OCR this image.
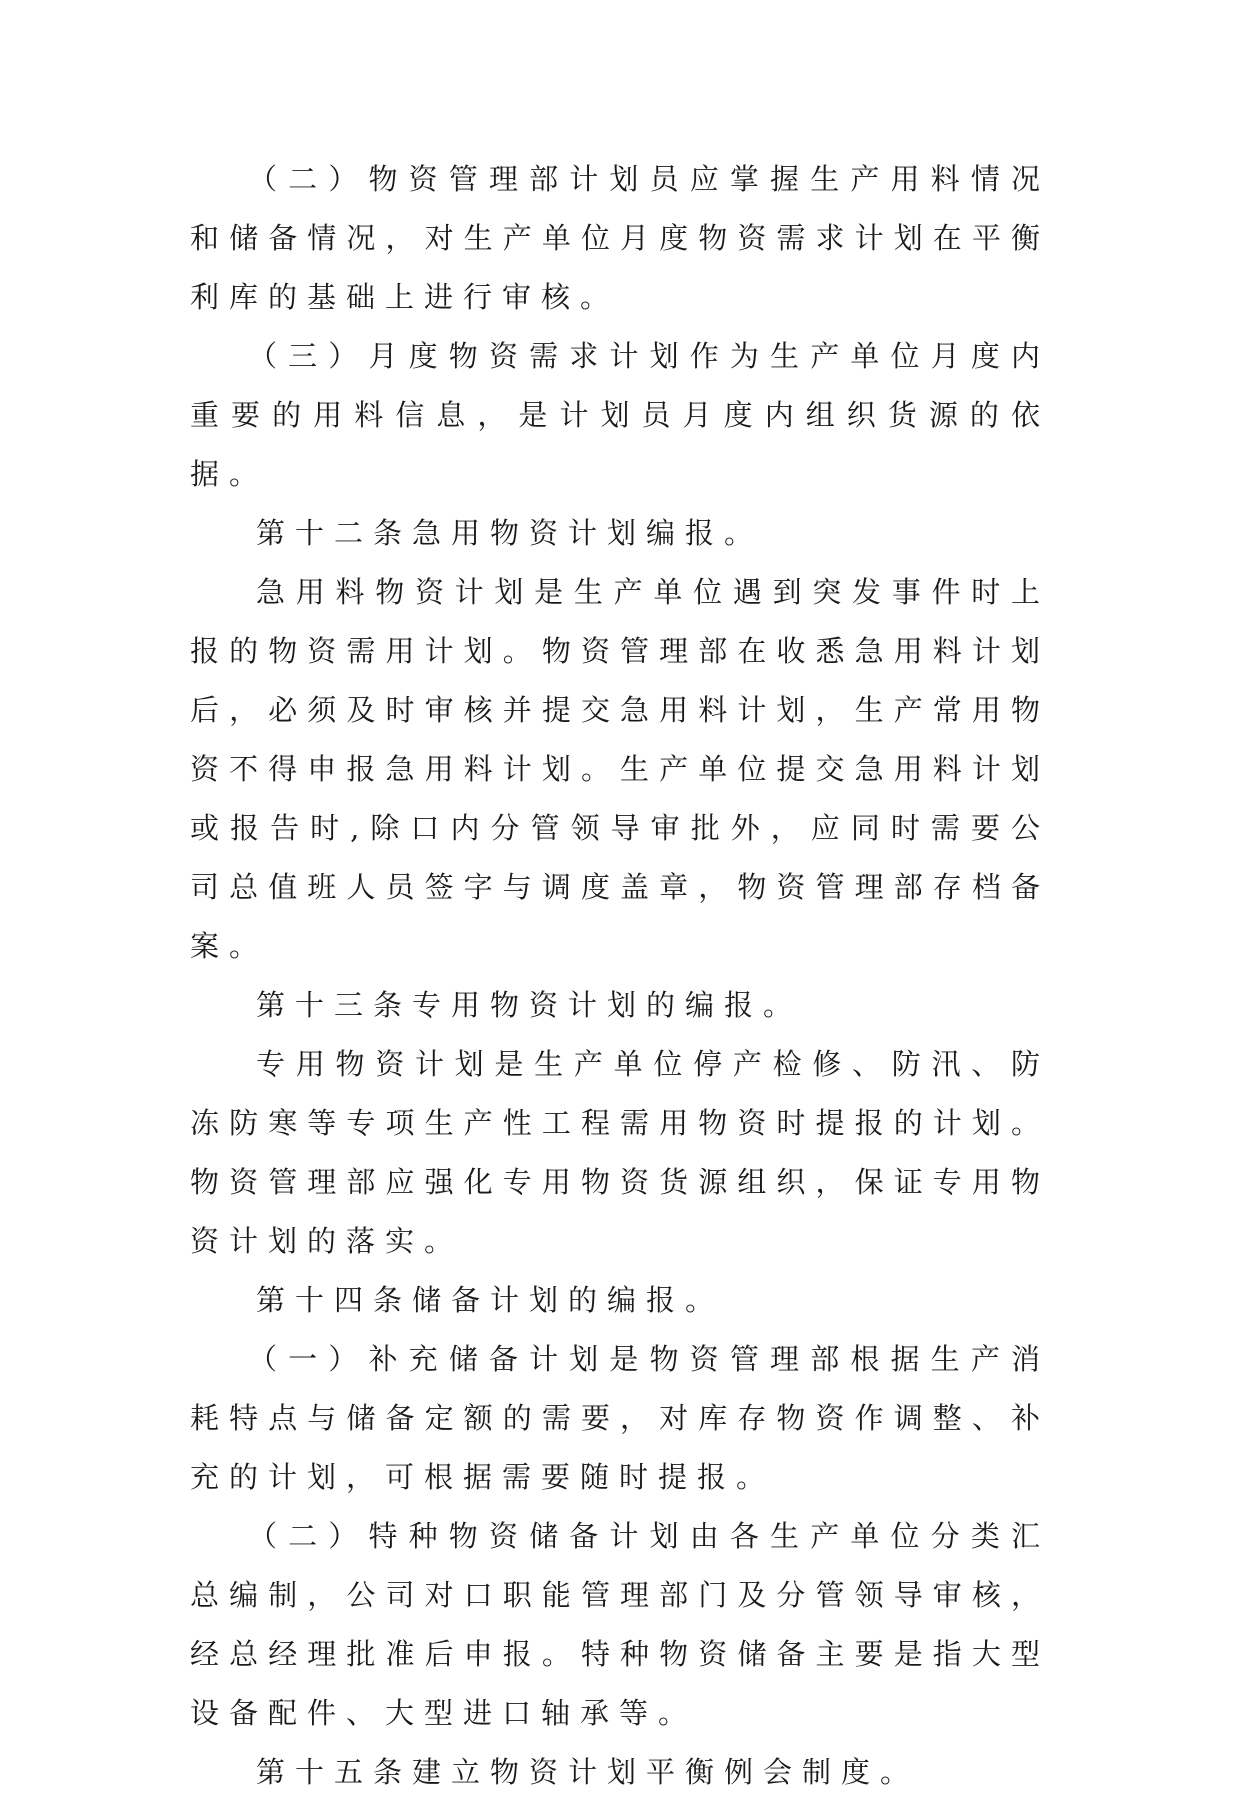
（二）物资管理部计划员应掌握生产用料情况和储备情况，对生产单位月度物资需求计划在平衡利库的基础上进行审核。

（三）月度物资需求计划作为生产单位月度内重要的用料信息，是计划员月度内组织货源的依据。

第十二条急用物资计划编报。

急用料物资计划是生产单位遇到突发事件时上报的物资需用计划。物资管理部在收悉急用料计划后，必须及时审核并提交急用料计划，生产常用物资不得申报急用料计划。生产单位提交急用料计划或报告时,除口内分管领导审批外，应同时需要公司总值班人员签字与调度盖章，物资管理部存档备案。

第十三条专用物资计划的编报。

专用物资计划是生产单位停产检修、防汛、防冻防寒等专项生产性工程需用物资时提报的计划。物资管理部应强化专用物资货源组织，保证专用物资计划的落实。

第十四条储备计划的编报。

（一）补充储备计划是物资管理部根据生产消耗特点与储备定额的需要，对库存物资作调整、补充的计划，可根据需要随时提报。

（二）特种物资储备计划由各生产单位分类汇总编制，公司对口职能管理部门及分管领导审核，经总经理批准后申报。特种物资储备主要是指大型设备配件、大型进口轴承等。

第十五条建立物资计划平衡例会制度。
